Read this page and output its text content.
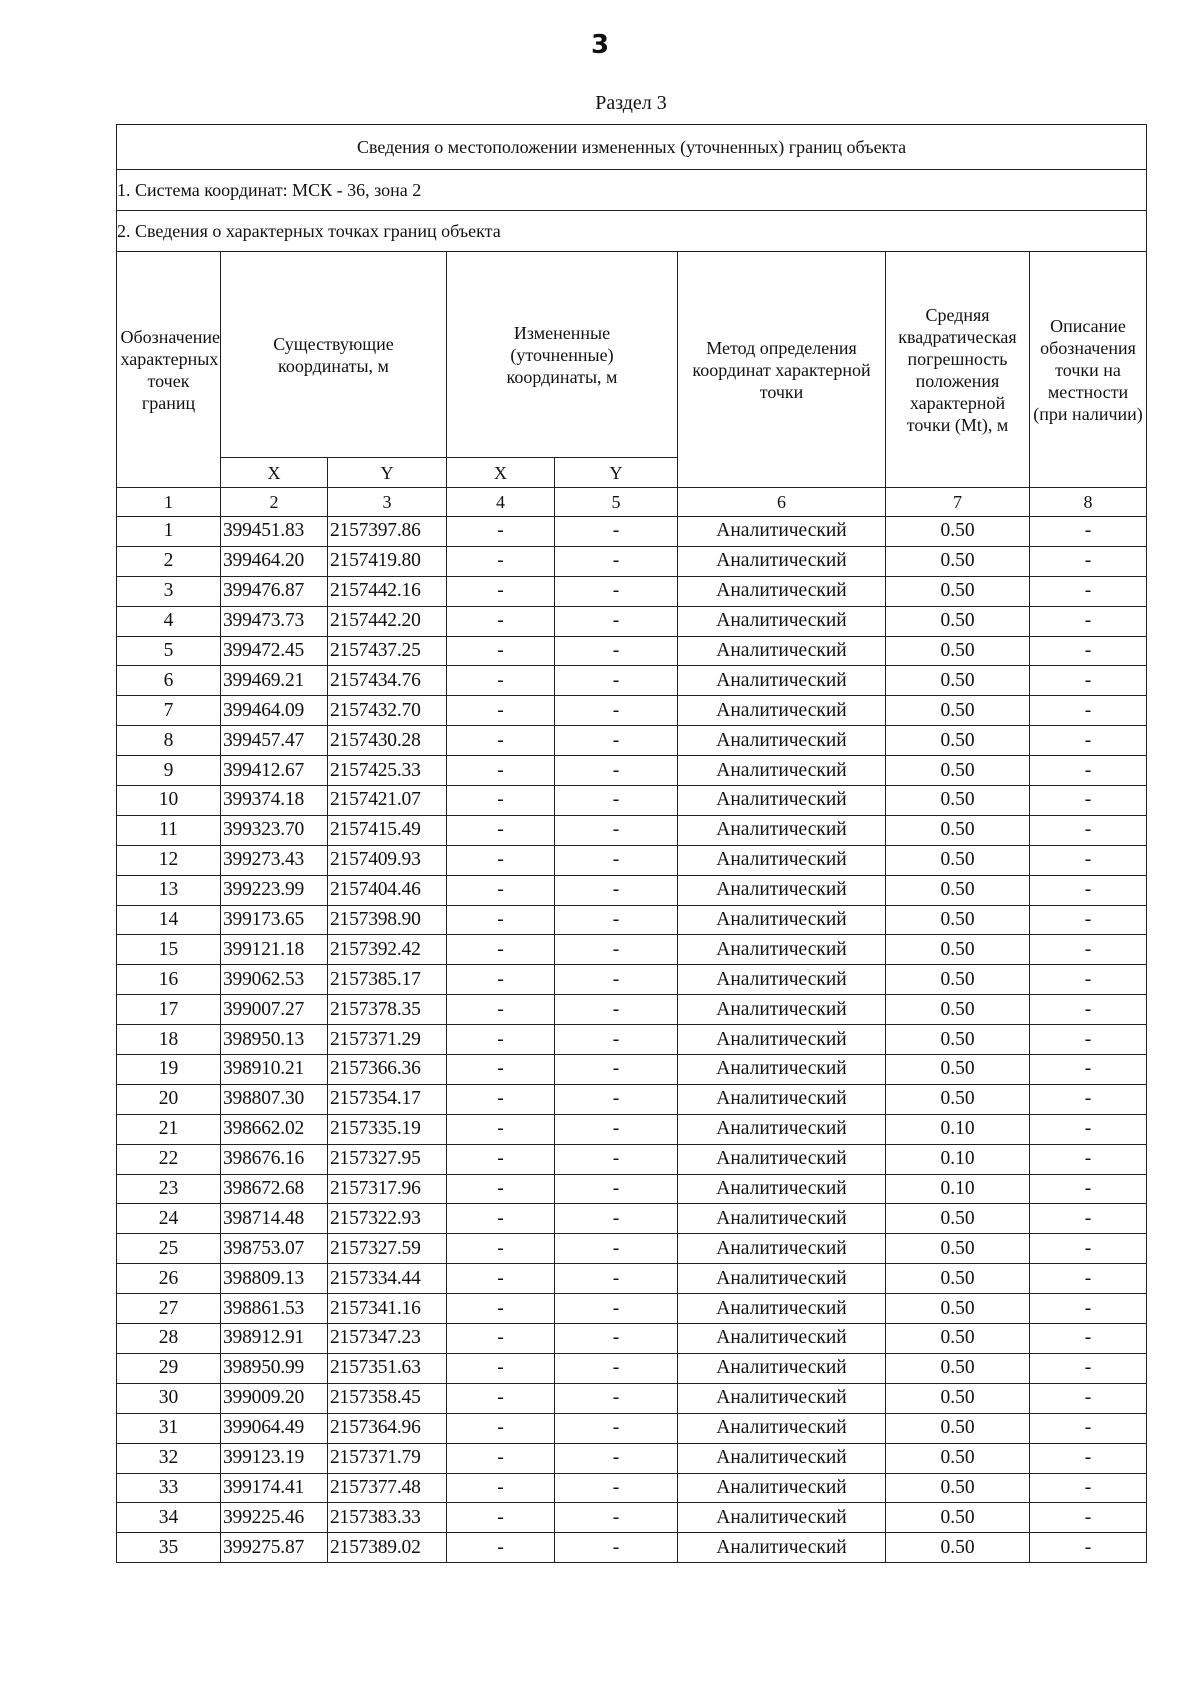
3
Раздел 3
Сведения о местоположении измененных (уточненных) границ объекта							
1. Система координат: МСК - 36, зона 2							
2. Сведения о характерных точках границ объекта							
Обозначение характерных точек границ	Существующие координаты, м		Измененные (уточненные) координаты, м		Метод определения координат характерной точки	Средняя квадратическая погрешность положения характерной точки (Mt), м	Описание обозначения точки на местности (при наличии)
	X	Y	X	Y			
1	2	3	4	5	6	7	8
1	399451.83	2157397.86	-	-	Аналитический	0.50	-
2	399464.20	2157419.80	-	-	Аналитический	0.50	-
3	399476.87	2157442.16	-	-	Аналитический	0.50	-
4	399473.73	2157442.20	-	-	Аналитический	0.50	-
5	399472.45	2157437.25	-	-	Аналитический	0.50	-
6	399469.21	2157434.76	-	-	Аналитический	0.50	-
7	399464.09	2157432.70	-	-	Аналитический	0.50	-
8	399457.47	2157430.28	-	-	Аналитический	0.50	-
9	399412.67	2157425.33	-	-	Аналитический	0.50	-
10	399374.18	2157421.07	-	-	Аналитический	0.50	-
11	399323.70	2157415.49	-	-	Аналитический	0.50	-
12	399273.43	2157409.93	-	-	Аналитический	0.50	-
13	399223.99	2157404.46	-	-	Аналитический	0.50	-
14	399173.65	2157398.90	-	-	Аналитический	0.50	-
15	399121.18	2157392.42	-	-	Аналитический	0.50	-
16	399062.53	2157385.17	-	-	Аналитический	0.50	-
17	399007.27	2157378.35	-	-	Аналитический	0.50	-
18	398950.13	2157371.29	-	-	Аналитический	0.50	-
19	398910.21	2157366.36	-	-	Аналитический	0.50	-
20	398807.30	2157354.17	-	-	Аналитический	0.50	-
21	398662.02	2157335.19	-	-	Аналитический	0.10	-
22	398676.16	2157327.95	-	-	Аналитический	0.10	-
23	398672.68	2157317.96	-	-	Аналитический	0.10	-
24	398714.48	2157322.93	-	-	Аналитический	0.50	-
25	398753.07	2157327.59	-	-	Аналитический	0.50	-
26	398809.13	2157334.44	-	-	Аналитический	0.50	-
27	398861.53	2157341.16	-	-	Аналитический	0.50	-
28	398912.91	2157347.23	-	-	Аналитический	0.50	-
29	398950.99	2157351.63	-	-	Аналитический	0.50	-
30	399009.20	2157358.45	-	-	Аналитический	0.50	-
31	399064.49	2157364.96	-	-	Аналитический	0.50	-
32	399123.19	2157371.79	-	-	Аналитический	0.50	-
33	399174.41	2157377.48	-	-	Аналитический	0.50	-
34	399225.46	2157383.33	-	-	Аналитический	0.50	-
35	399275.87	2157389.02	-	-	Аналитический	0.50	-
